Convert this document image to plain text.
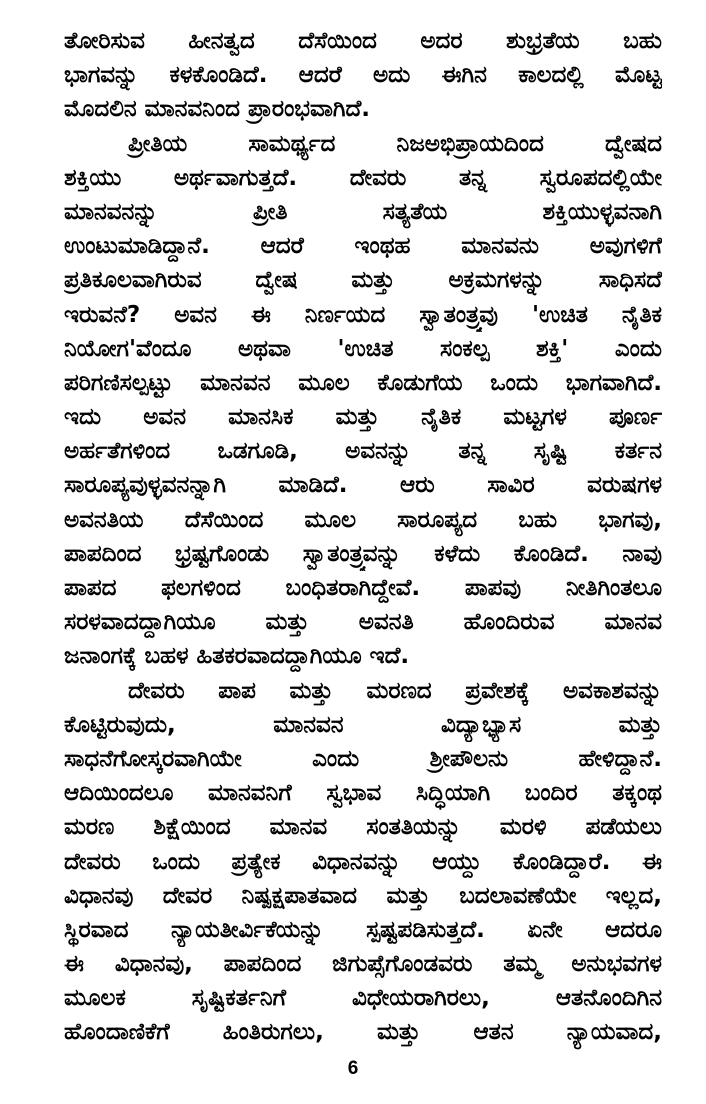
ತೋರಿಸುವ ಹೀನತ್ವದ ದೆಸೆಯಿಂದ ಅದರ ಶುಭ್ರತೆಯ ಬಹು
ಭಾಗವನ್ನು ಕಳಕೊಂಡಿದೆ. ಆದರೆ ಅದು ಈಗಿನ ಕಾಲದಲ್ಲಿ ಮೊಟ್ಟ
ಮೊದಲಿನ ಮಾನವನಿಂದ ಪ್ರಾರಂಭವಾಗಿದೆ.
ಪ್ರೀತಿಯ ಸಾಮರ್ಥ್ಯದ ನಿಜಅಭಿಪ್ರಾಯದಿಂದ ದ್ವೇಷದ
ಶಕ್ತಿಯು ಅರ್ಥವಾಗುತ್ತದೆ. ದೇವರು ತನ್ನ ಸ್ವರೂಪದಲ್ಲಿಯೇ
ಮಾನವನನ್ನು ಪ್ರೀತಿ ಸತ್ಯತೆಯ ಶಕ್ತಿಯುಳ್ಳವನಾಗಿ
ಉಂಟುಮಾಡಿದ್ದಾನೆ. ಆದರೆ ಇಂಥಹ ಮಾನವನು ಅವುಗಳಿಗೆ
ಪ್ರತಿಕೂಲವಾಗಿರುವ ದ್ವೇಷ ಮತ್ತು ಅಕ್ರಮಗಳನ್ನು ಸಾಧಿಸದೆ
ಇರುವನೆ? ಅವನ ಈ ನಿರ್ಣಯದ ಸ್ವಾತಂತ್ರ್ಯವು 'ಉಚಿತ ನೈತಿಕ
ನಿಯೋಗ'ವೆಂದೂ ಅಥವಾ 'ಉಚಿತ ಸಂಕಲ್ಪ ಶಕ್ತಿ' ಎಂದು
ಪರಿಗಣಿಸಲ್ಪಟ್ಟು ಮಾನವನ ಮೂಲ ಕೊಡುಗೆಯ ಒಂದು ಭಾಗವಾಗಿದೆ.
ಇದು ಅವನ ಮಾನಸಿಕ ಮತ್ತು ನೈತಿಕ ಮಟ್ಟಗಳ ಪೂರ್ಣ
ಅರ್ಹತೆಗಳಿಂದ ಒಡಗೂಡಿ, ಅವನನ್ನು ತನ್ನ ಸೃಷ್ಟಿ ಕರ್ತನ
ಸಾರೂಪ್ಯವುಳ್ಳವನನ್ನಾಗಿ ಮಾಡಿದೆ. ಆರು ಸಾವಿರ ವರುಷಗಳ
ಅವನತಿಯ ದೆಸೆಯಿಂದ ಮೂಲ ಸಾರೂಪ್ಯದ ಬಹು ಭಾಗವು,
ಪಾಪದಿಂದ ಭ್ರಷ್ಟಗೊಂಡು ಸ್ವಾತಂತ್ರ್ಯವನ್ನು ಕಳೆದು ಕೊಂಡಿದೆ. ನಾವು
ಪಾಪದ ಫಲಗಳಿಂದ ಬಂಧಿತರಾಗಿದ್ದೇವೆ. ಪಾಪವು ನೀತಿಗಿಂತಲೂ
ಸರಳವಾದದ್ದಾಗಿಯೂ ಮತ್ತು ಅವನತಿ ಹೊಂದಿರುವ ಮಾನವ
ಜನಾಂಗಕ್ಕೆ ಬಹಳ ಹಿತಕರವಾದದ್ದಾಗಿಯೂ ಇದೆ.
ದೇವರು ಪಾಪ ಮತ್ತು ಮರಣದ ಪ್ರವೇಶಕ್ಕೆ ಅವಕಾಶವನ್ನು
ಕೊಟ್ಟಿರುವುದು, ಮಾನವನ ವಿದ್ಯಾಭ್ಯಾಸ ಮತ್ತು
ಸಾಧನೆಗೋಸ್ಕರವಾಗಿಯೇ ಎಂದು ಶ್ರೀಪೌಲನು ಹೇಳಿದ್ದಾನೆ.
ಆದಿಯಿಂದಲೂ ಮಾನವನಿಗೆ ಸ್ವಭಾವ ಸಿದ್ಧಿಯಾಗಿ ಬಂದಿರ ತಕ್ಕಂಥ
ಮರಣ ಶಿಕ್ಷೆಯಿಂದ ಮಾನವ ಸಂತತಿಯನ್ನು ಮರಳಿ ಪಡೆಯಲು
ದೇವರು ಒಂದು ಪ್ರತ್ಯೇಕ ವಿಧಾನವನ್ನು ಆಯ್ದು ಕೊಂಡಿದ್ದಾರೆ. ಈ
ವಿಧಾನವು ದೇವರ ನಿಷ್ಪಕ್ಷಪಾತವಾದ ಮತ್ತು ಬದಲಾವಣೆಯೇ ಇಲ್ಲದ,
ಸ್ಥಿರವಾದ ನ್ಯಾಯತೀರ್ವಿಕೆಯನ್ನು ಸ್ಪಷ್ಟಪಡಿಸುತ್ತದೆ. ಏನೇ ಆದರೂ
ಈ ವಿಧಾನವು, ಪಾಪದಿಂದ ಜಿಗುಪ್ಸೆಗೊಂಡವರು ತಮ್ಮ ಅನುಭವಗಳ
ಮೂಲಕ ಸೃಷ್ಟಿಕರ್ತನಿಗೆ ವಿಧೇಯರಾಗಿರಲು, ಆತನೊಂದಿಗಿನ
ಹೊಂದಾಣಿಕೆಗೆ ಹಿಂತಿರುಗಲು, ಮತ್ತು ಆತನ ನ್ಯಾಯವಾದ,
6
